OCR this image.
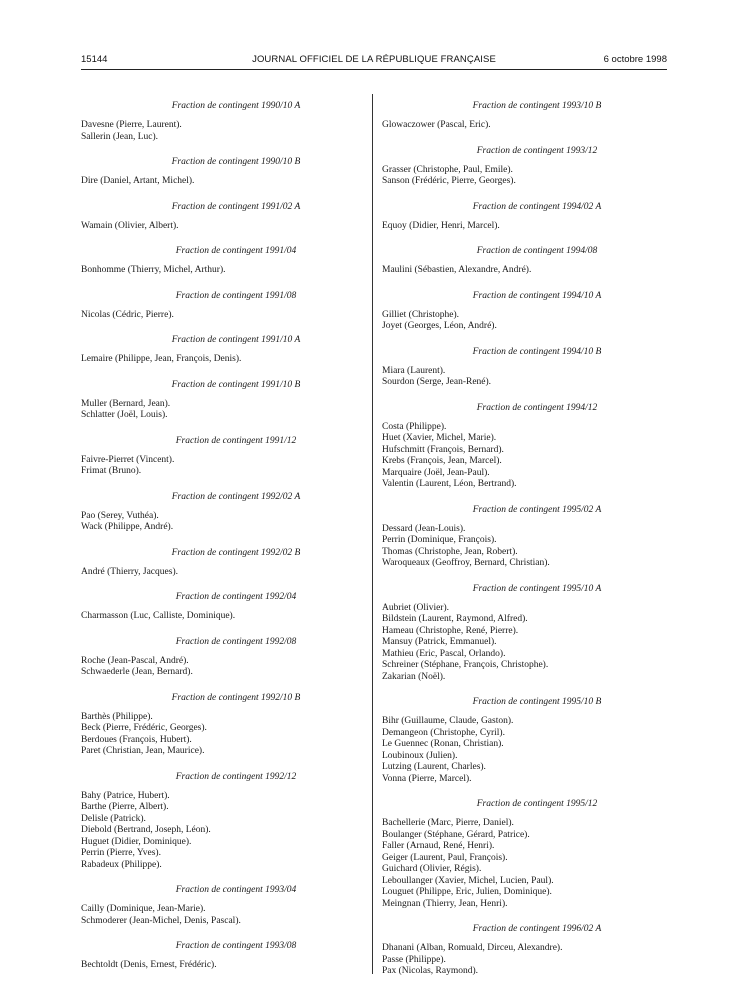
15144	JOURNAL OFFICIEL DE LA RÉPUBLIQUE FRANÇAISE	6 octobre 1998
Fraction de contingent 1990/10 A
Davesne (Pierre, Laurent).
Sallerin (Jean, Luc).
Fraction de contingent 1990/10 B
Dire (Daniel, Artant, Michel).
Fraction de contingent 1991/02 A
Wamain (Olivier, Albert).
Fraction de contingent 1991/04
Bonhomme (Thierry, Michel, Arthur).
Fraction de contingent 1991/08
Nicolas (Cédric, Pierre).
Fraction de contingent 1991/10 A
Lemaire (Philippe, Jean, François, Denis).
Fraction de contingent 1991/10 B
Muller (Bernard, Jean).
Schlatter (Joël, Louis).
Fraction de contingent 1991/12
Faivre-Pierret (Vincent).
Frimat (Bruno).
Fraction de contingent 1992/02 A
Pao (Serey, Vuthéa).
Wack (Philippe, André).
Fraction de contingent 1992/02 B
André (Thierry, Jacques).
Fraction de contingent 1992/04
Charmasson (Luc, Calliste, Dominique).
Fraction de contingent 1992/08
Roche (Jean-Pascal, André).
Schwaederle (Jean, Bernard).
Fraction de contingent 1992/10 B
Barthès (Philippe).
Beck (Pierre, Frédéric, Georges).
Berdoues (François, Hubert).
Paret (Christian, Jean, Maurice).
Fraction de contingent 1992/12
Bahy (Patrice, Hubert).
Barthe (Pierre, Albert).
Delisle (Patrick).
Diebold (Bertrand, Joseph, Léon).
Huguet (Didier, Dominique).
Perrin (Pierre, Yves).
Rabadeux (Philippe).
Fraction de contingent 1993/04
Cailly (Dominique, Jean-Marie).
Schmoderer (Jean-Michel, Denis, Pascal).
Fraction de contingent 1993/08
Bechtoldt (Denis, Ernest, Frédéric).
Fraction de contingent 1993/10 B
Glowaczower (Pascal, Eric).
Fraction de contingent 1993/12
Grasser (Christophe, Paul, Emile).
Sanson (Frédéric, Pierre, Georges).
Fraction de contingent 1994/02 A
Equoy (Didier, Henri, Marcel).
Fraction de contingent 1994/08
Maulini (Sébastien, Alexandre, André).
Fraction de contingent 1994/10 A
Gilliet (Christophe).
Joyet (Georges, Léon, André).
Fraction de contingent 1994/10 B
Miara (Laurent).
Sourdon (Serge, Jean-René).
Fraction de contingent 1994/12
Costa (Philippe).
Huet (Xavier, Michel, Marie).
Hufschmitt (François, Bernard).
Krebs (François, Jean, Marcel).
Marquaire (Joël, Jean-Paul).
Valentin (Laurent, Léon, Bertrand).
Fraction de contingent 1995/02 A
Dessard (Jean-Louis).
Perrin (Dominique, François).
Thomas (Christophe, Jean, Robert).
Waroqueaux (Geoffroy, Bernard, Christian).
Fraction de contingent 1995/10 A
Aubriet (Olivier).
Bildstein (Laurent, Raymond, Alfred).
Hameau (Christophe, René, Pierre).
Mansuy (Patrick, Emmanuel).
Mathieu (Eric, Pascal, Orlando).
Schreiner (Stéphane, François, Christophe).
Zakarian (Noël).
Fraction de contingent 1995/10 B
Bihr (Guillaume, Claude, Gaston).
Demangeon (Christophe, Cyril).
Le Guennec (Ronan, Christian).
Loubinoux (Julien).
Lutzing (Laurent, Charles).
Vonna (Pierre, Marcel).
Fraction de contingent 1995/12
Bachellerie (Marc, Pierre, Daniel).
Boulanger (Stéphane, Gérard, Patrice).
Faller (Arnaud, René, Henri).
Geiger (Laurent, Paul, François).
Guichard (Olivier, Régis).
Leboullanger (Xavier, Michel, Lucien, Paul).
Louguet (Philippe, Eric, Julien, Dominique).
Meingnan (Thierry, Jean, Henri).
Fraction de contingent 1996/02 A
Dhanani (Alban, Romuald, Dirceu, Alexandre).
Passe (Philippe).
Pax (Nicolas, Raymond).
